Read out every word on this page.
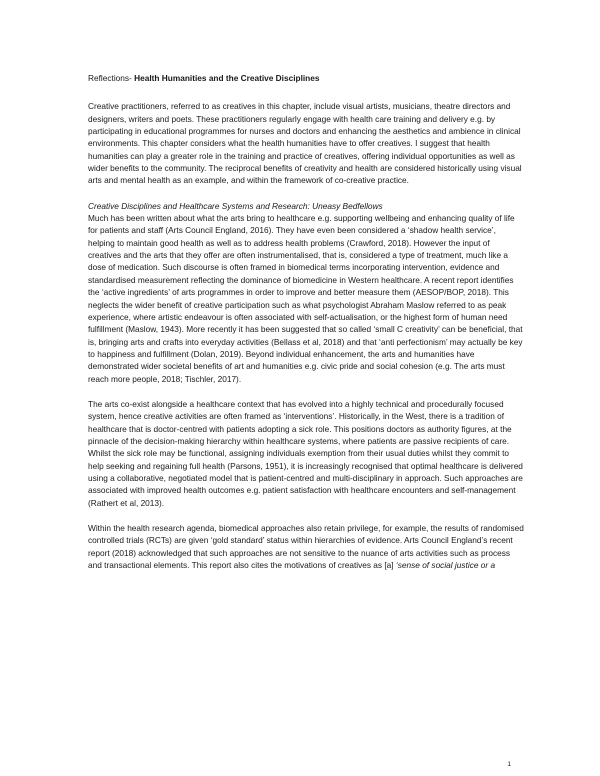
Reflections- Health Humanities and the Creative Disciplines

Creative practitioners, referred to as creatives in this chapter, include visual artists, musicians, theatre directors and designers, writers and poets. These practitioners regularly engage with health care training and delivery e.g. by participating in educational programmes for nurses and doctors and enhancing the aesthetics and ambience in clinical environments. This chapter considers what the health humanities have to offer creatives. I suggest that health humanities can play a greater role in the training and practice of creatives, offering individual opportunities as well as wider benefits to the community. The reciprocal benefits of creativity and health are considered historically using visual arts and mental health as an example, and within the framework of co-creative practice.

Creative Disciplines and Healthcare Systems and Research: Uneasy Bedfellows

Much has been written about what the arts bring to healthcare e.g. supporting wellbeing and enhancing quality of life for patients and staff (Arts Council England, 2016). They have even been considered a ‘shadow health service’, helping to maintain good health as well as to address health problems (Crawford, 2018). However the input of creatives and the arts that they offer are often instrumentalised, that is, considered a type of treatment, much like a dose of medication. Such discourse is often framed in biomedical terms incorporating intervention, evidence and standardised measurement reflecting the dominance of biomedicine in Western healthcare. A recent report identifies the ‘active ingredients’ of arts programmes in order to improve and better measure them (AESOP/BOP, 2018). This neglects the wider benefit of creative participation such as what psychologist Abraham Maslow referred to as peak experience, where artistic endeavour is often associated with self-actualisation, or the highest form of human need fulfillment (Maslow, 1943). More recently it has been suggested that so called ‘small C creativity’ can be beneficial, that is, bringing arts and crafts into everyday activities (Bellass et al, 2018) and that ‘anti perfectionism’ may actually be key to happiness and fulfillment (Dolan, 2019). Beyond individual enhancement, the arts and humanities have demonstrated wider societal benefits of art and humanities e.g. civic pride and social cohesion (e.g. The arts must reach more people, 2018; Tischler, 2017).

The arts co-exist alongside a healthcare context that has evolved into a highly technical and procedurally focused system, hence creative activities are often framed as ‘interventions’. Historically, in the West, there is a tradition of healthcare that is doctor-centred with patients adopting a sick role. This positions doctors as authority figures, at the pinnacle of the decision-making hierarchy within healthcare systems, where patients are passive recipients of care. Whilst the sick role may be functional, assigning individuals exemption from their usual duties whilst they commit to help seeking and regaining full health (Parsons, 1951), it is increasingly recognised that optimal healthcare is delivered using a collaborative, negotiated model that is patient-centred and multi-disciplinary in approach. Such approaches are associated with improved health outcomes e.g. patient satisfaction with healthcare encounters and self-management (Rathert et al, 2013).

Within the health research agenda, biomedical approaches also retain privilege, for example, the results of randomised controlled trials (RCTs) are given ‘gold standard’ status within hierarchies of evidence. Arts Council England’s recent report (2018) acknowledged that such approaches are not sensitive to the nuance of arts activities such as process and transactional elements. This report also cites the motivations of creatives as [a] ‘sense of social justice or a

1
